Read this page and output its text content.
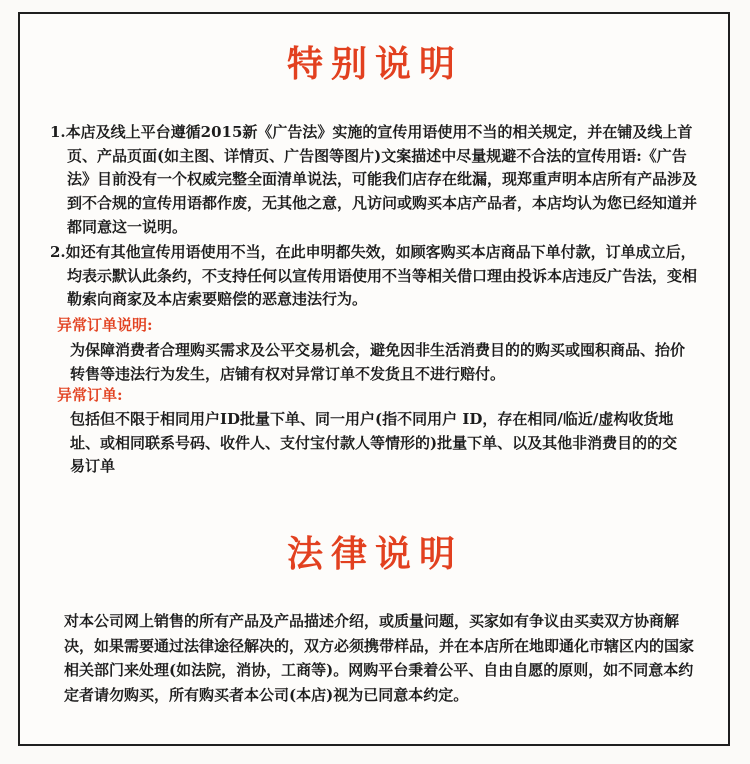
特别说明
1.本店及线上平台遵循2015新《广告法》实施的宣传用语使用不当的相关规定，并在铺及线上首页、产品页面(如主图、详情页、广告图等图片)文案描述中尽量规避不合法的宣传用语:《广告法》目前没有一个权威完整全面清单说法，可能我们店存在纰漏，现郑重声明本店所有产品涉及到不合规的宣传用语都作废，无其他之意，凡访问或购买本店产品者，本店均认为您已经知道并都同意这一说明。
2.如还有其他宣传用语使用不当，在此申明都失效，如顾客购买本店商品下单付款，订单成立后，均表示默认此条约，不支持任何以宣传用语使用不当等相关借口理由投诉本店违反广告法，变相勒索向商家及本店索要赔偿的恶意违法行为。
异常订单说明:
为保障消费者合理购买需求及公平交易机会，避免因非生活消费目的的购买或囤积商品、抬价转售等违法行为发生，店铺有权对异常订单不发货且不进行赔付。
异常订单:
包括但不限于相同用户ID批量下单、同一用户(指不同用户 ID，存在相同/临近/虚构收货地址、或相同联系号码、收件人、支付宝付款人等情形的)批量下单、以及其他非消费目的的交易订单
法律说明
对本公司网上销售的所有产品及产品描述介绍，或质量问题，买家如有争议由买卖双方协商解决，如果需要通过法律途径解决的，双方必须携带样品，并在本店所在地即通化市辖区内的国家相关部门来处理(如法院，消协，工商等)。网购平台秉着公平、自由自愿的原则，如不同意本约定者请勿购买，所有购买者本公司(本店)视为已同意本约定。
